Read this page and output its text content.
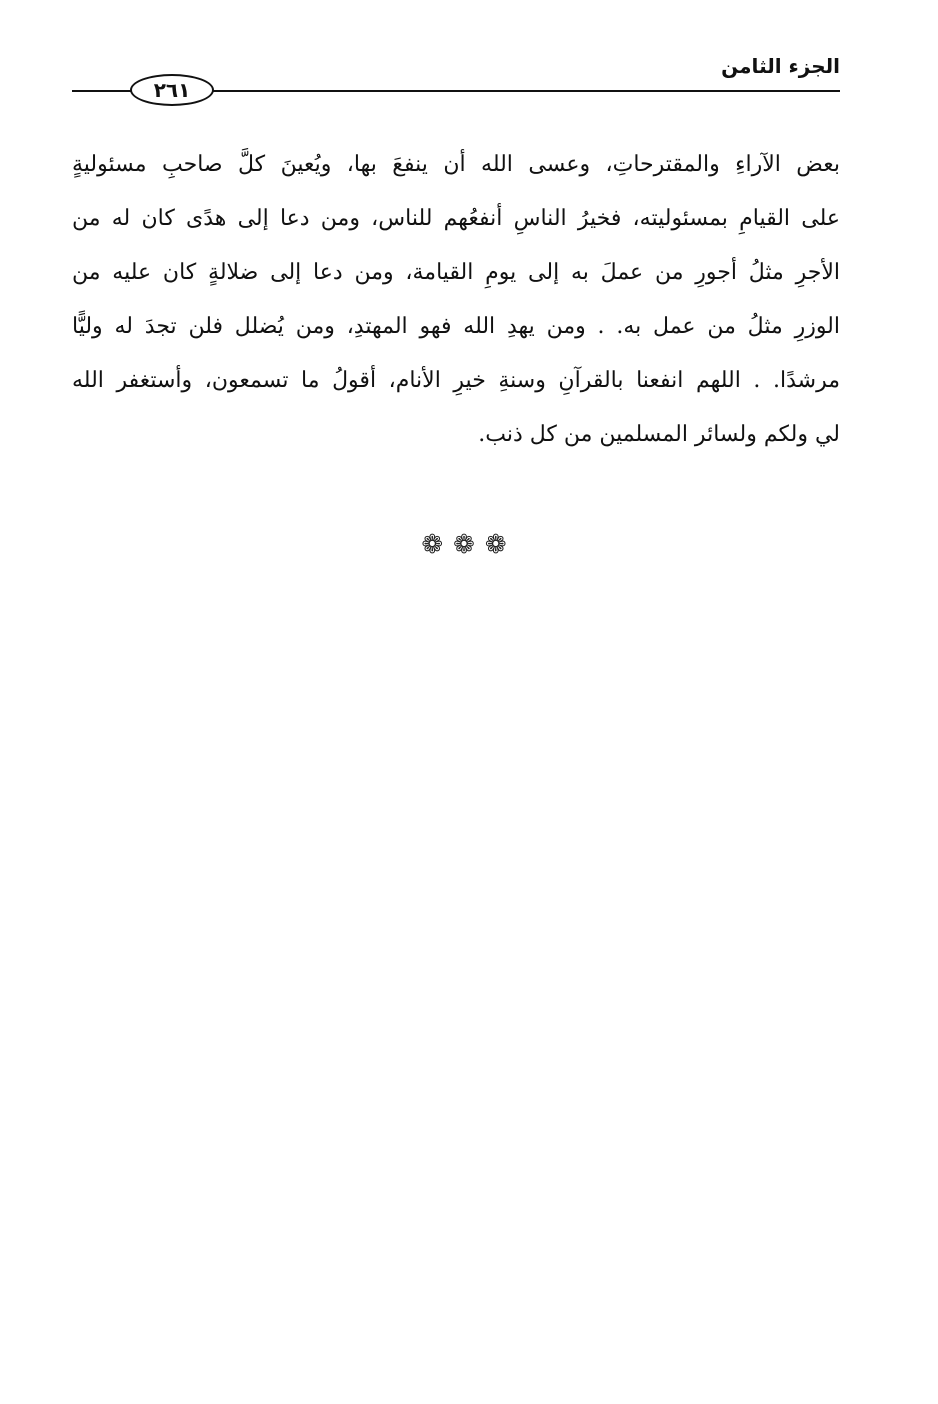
٢٦١
الجزء الثامن
بعض الآراءِ والمقترحاتِ، وعسى الله أن ينفعَ بها، ويُعينَ كلَّ صاحبِ مسئوليةٍ
على القيامِ بمسئوليته، فخيرُ الناسِ أنفعُهم للناس، ومن دعا إلى هدًى كان له من
الأجرِ مثلُ أجورِ من عملَ به إلى يومِ القيامة، ومن دعا إلى ضلالةٍ كان عليه من
الوزرِ مثلُ من عمل به. . ومن يهدِ الله فهو المهتدِ، ومن يُضلل فلن تجدَ له وليًّا
مرشدًا. . اللهم انفعنا بالقرآنِ وسنةِ خيرِ الأنام، أقولُ ما تسمعون، وأستغفر الله
لي ولكم ولسائر المسلمين من كل ذنب.
❁❁❁
